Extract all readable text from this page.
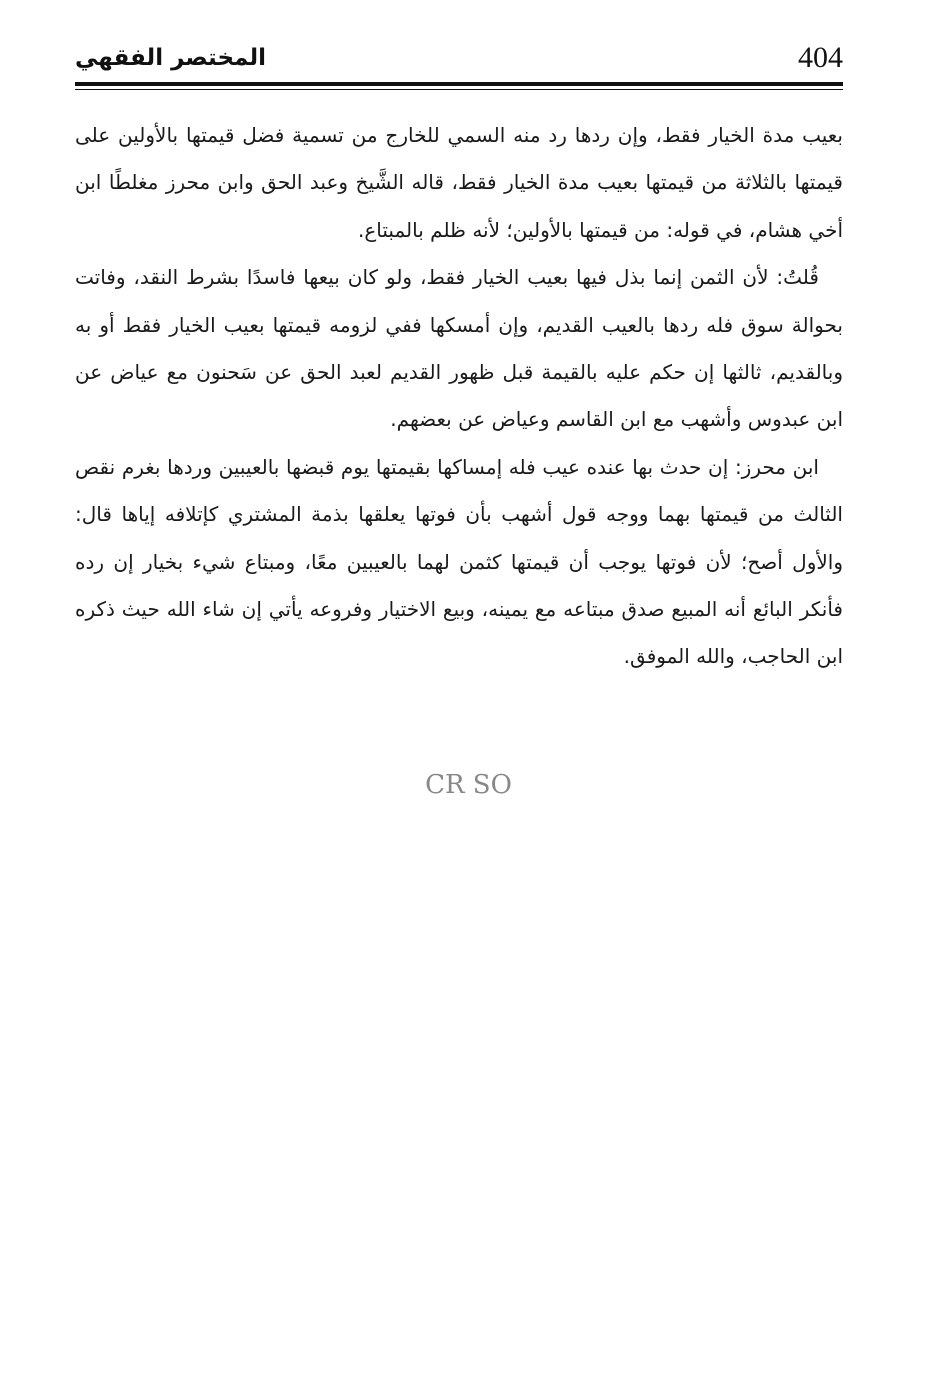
404
المختصر الفقهي

بعيب مدة الخيار فقط، وإن ردها رد منه السمي للخارج من تسمية فضل قيمتها بالأولين على قيمتها بالثلاثة من قيمتها بعيب مدة الخيار فقط، قاله الشَّيخ وعبد الحق وابن محرز مغلطًا ابن أخي هشام، في قوله: من قيمتها بالأولين؛ لأنه ظلم بالمبتاع.

قُلتُ: لأن الثمن إنما بذل فيها بعيب الخيار فقط، ولو كان بيعها فاسدًا بشرط النقد، وفاتت بحوالة سوق فله ردها بالعيب القديم، وإن أمسكها ففي لزومه قيمتها بعيب الخيار فقط أو به وبالقديم، ثالثها إن حكم عليه بالقيمة قبل ظهور القديم لعبد الحق عن سَحنون مع عياض عن ابن عبدوس وأشهب مع ابن القاسم وعياض عن بعضهم.

ابن محرز: إن حدث بها عنده عيب فله إمساكها بقيمتها يوم قبضها بالعيبين وردها بغرم نقص الثالث من قيمتها بهما ووجه قول أشهب بأن فوتها يعلقها بذمة المشتري كإتلافه إياها قال: والأول أصح؛ لأن فوتها يوجب أن قيمتها كثمن لهما بالعيبين معًا، ومبتاع شيء بخيار إن رده فأنكر البائع أنه المبيع صدق مبتاعه مع يمينه، وبيع الاختيار وفروعه يأتي إن شاء الله حيث ذكره ابن الحاجب، والله الموفق.

CR SO
